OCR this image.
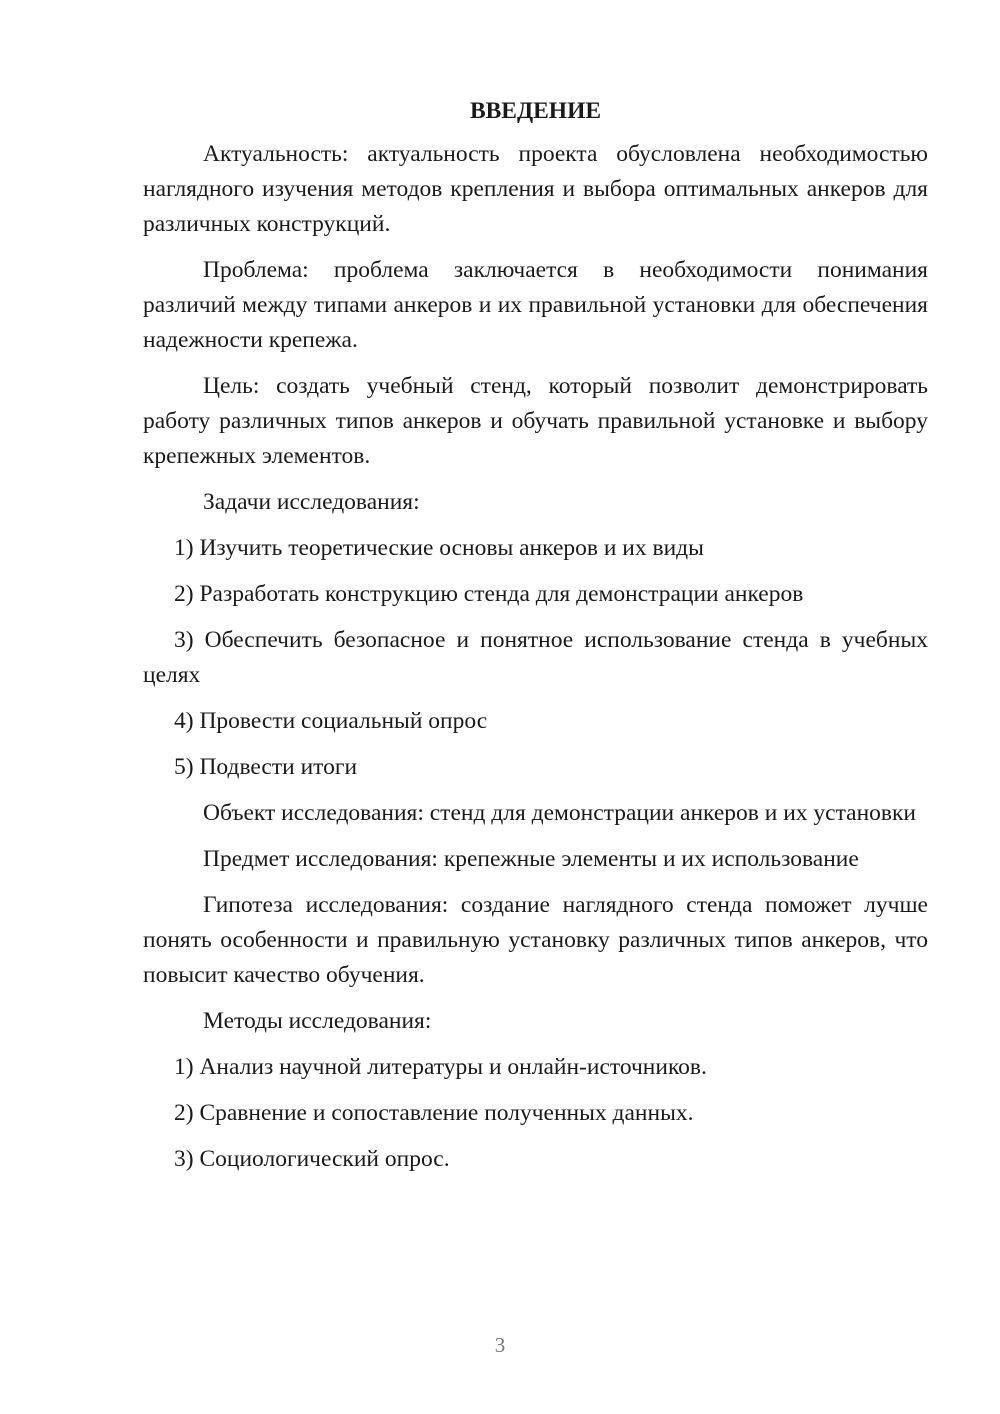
ВВЕДЕНИЕ
Актуальность: актуальность проекта обусловлена необходимостью наглядного изучения методов крепления и выбора оптимальных анкеров для различных конструкций.
Проблема: проблема заключается в необходимости понимания различий между типами анкеров и их правильной установки для обеспечения надежности крепежа.
Цель: создать учебный стенд, который позволит демонстрировать работу различных типов анкеров и обучать правильной установке и выбору крепежных элементов.
Задачи исследования:
1) Изучить теоретические основы анкеров и их виды
2) Разработать конструкцию стенда для демонстрации анкеров
3) Обеспечить безопасное и понятное использование стенда в учебных целях
4) Провести социальный опрос
5) Подвести итоги
Объект исследования: стенд для демонстрации анкеров и их установки
Предмет исследования: крепежные элементы и их использование
Гипотеза исследования: создание наглядного стенда поможет лучше понять особенности и правильную установку различных типов анкеров, что повысит качество обучения.
Методы исследования:
1) Анализ научной литературы и онлайн-источников.
2) Сравнение и сопоставление полученных данных.
3) Социологический опрос.
3
